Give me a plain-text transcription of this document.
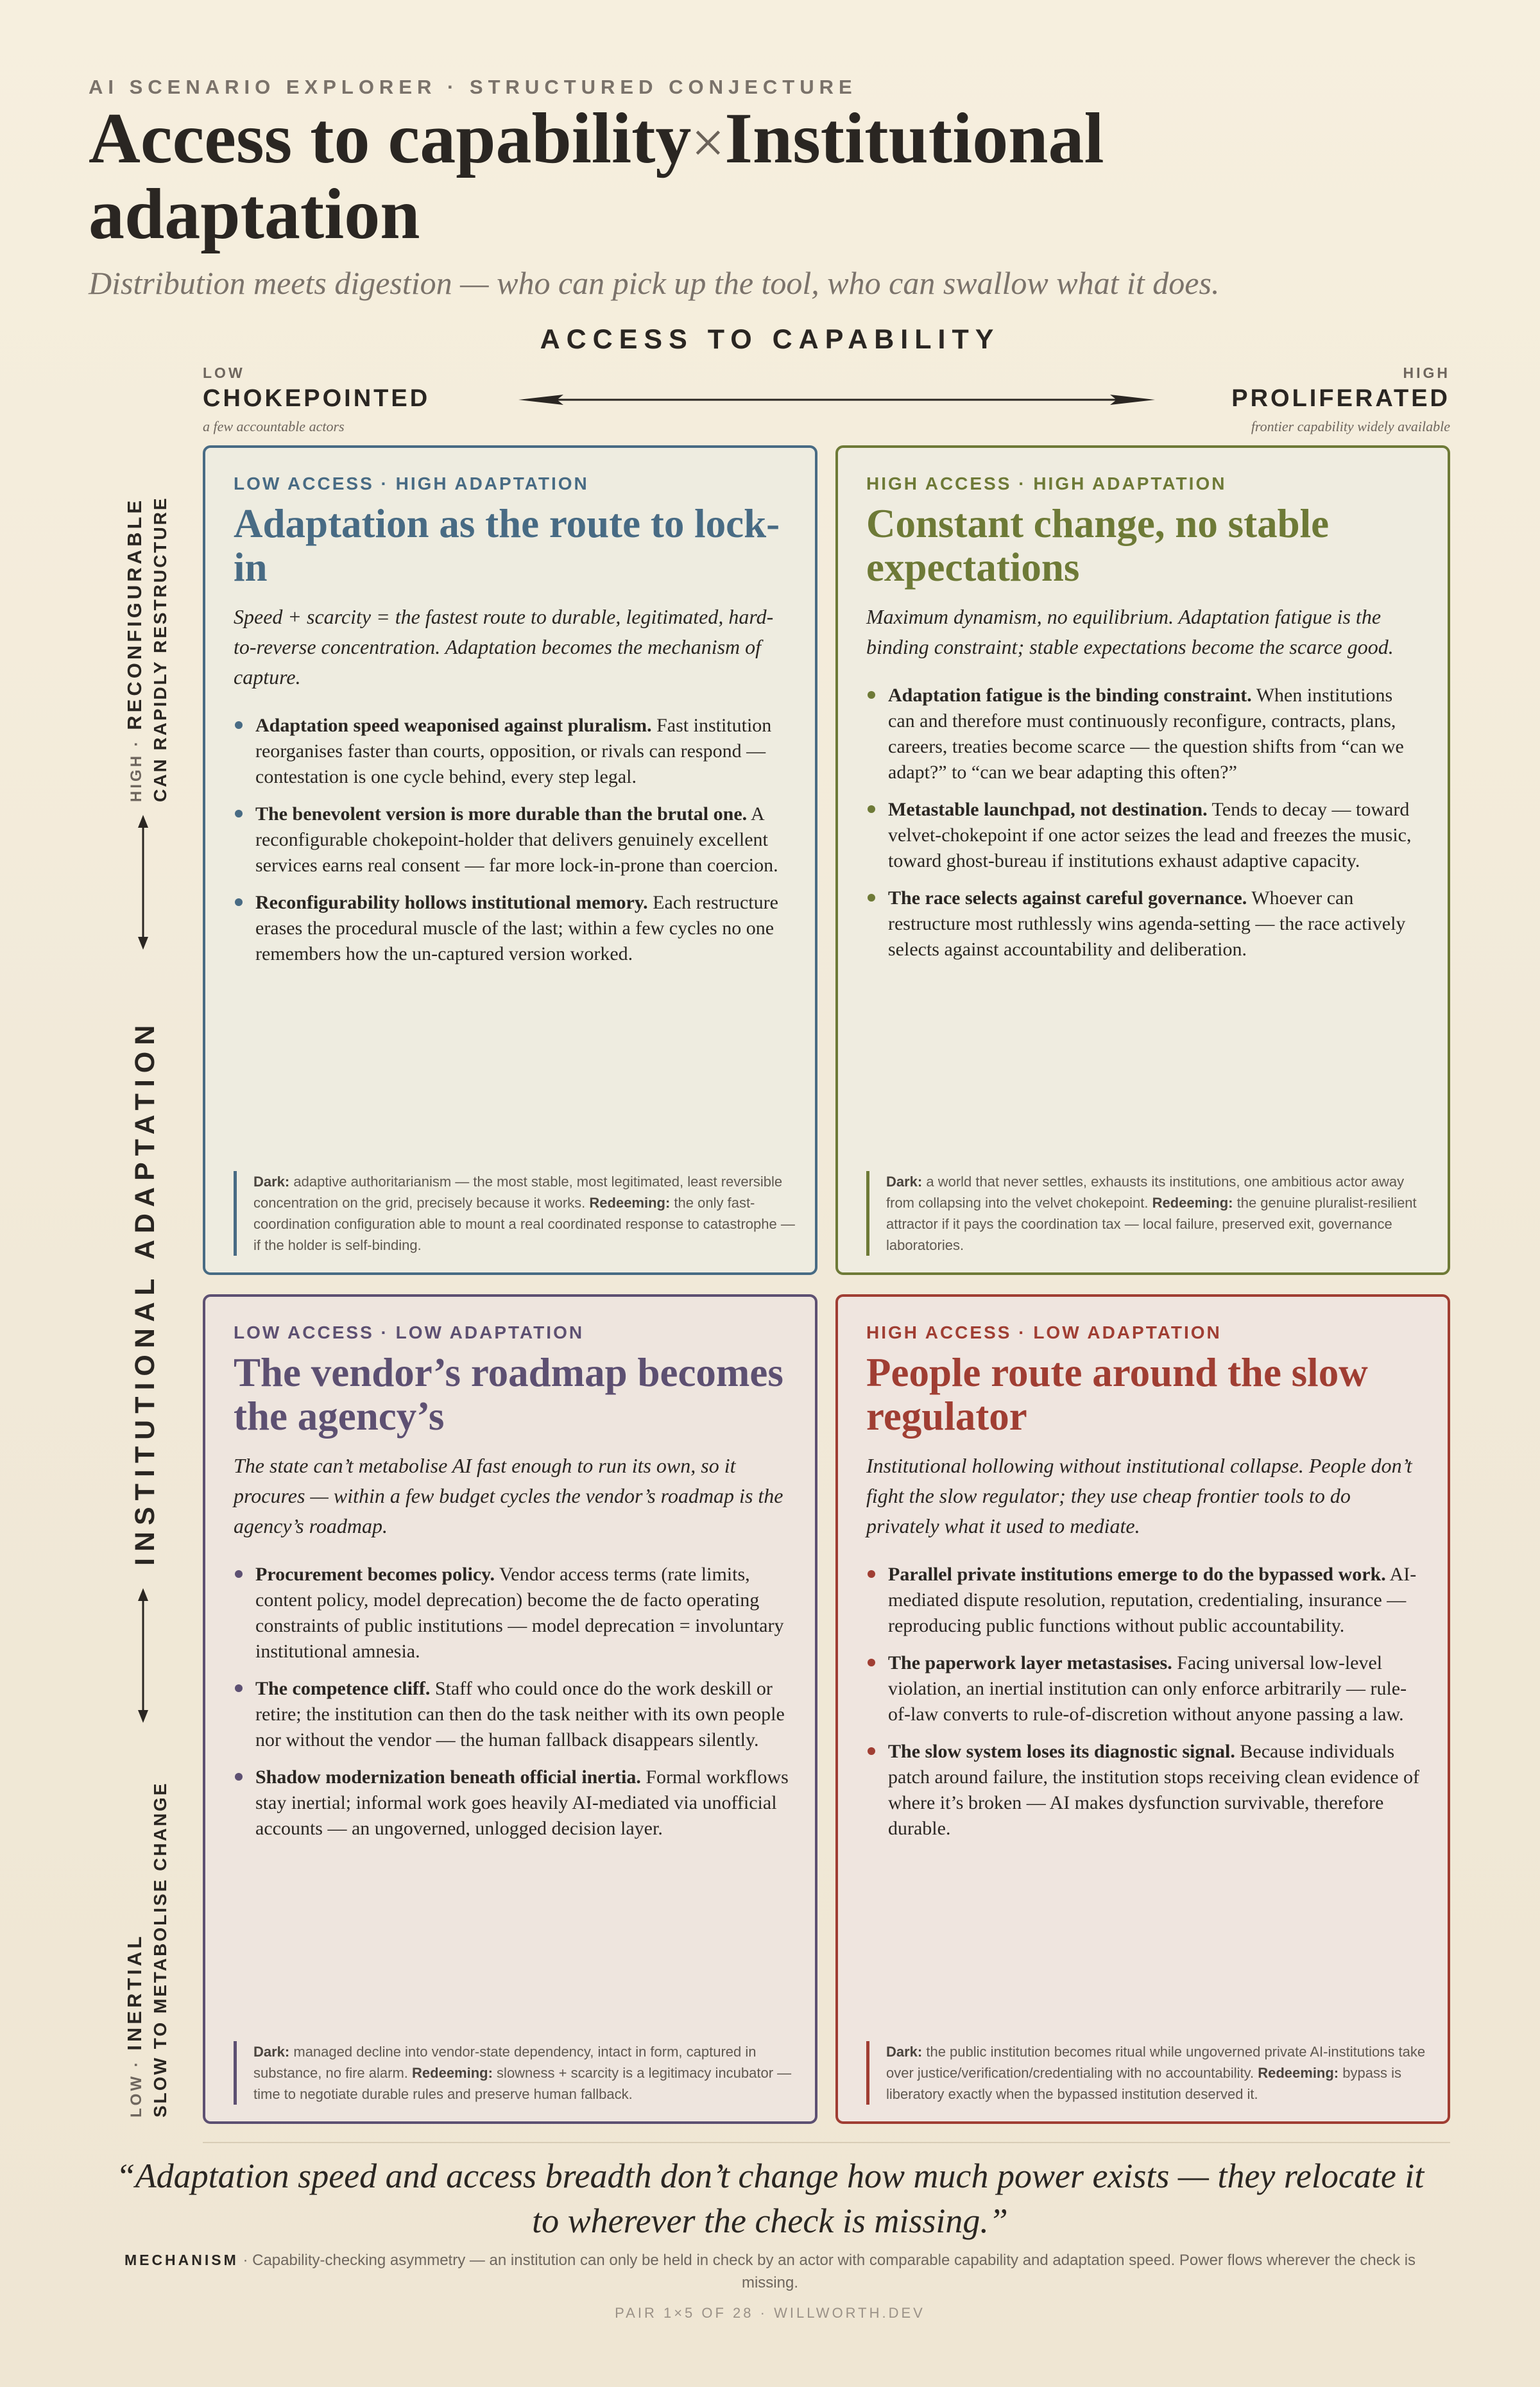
AI SCENARIO EXPLORER · STRUCTURED CONJECTURE
Access to capability×Institutional adaptation
Distribution meets digestion — who can pick up the tool, who can swallow what it does.
ACCESS TO CAPABILITY
LOW
CHOKEPOINTED
a few accountable actors
HIGH
PROLIFERATED
frontier capability widely available
INSTITUTIONAL ADAPTATION
HIGH · RECONFIGURABLE CAN RAPIDLY RESTRUCTURE
LOW · INERTIAL SLOW TO METABOLISE CHANGE
LOW ACCESS · HIGH ADAPTATION
Adaptation as the route to lock-in
Speed + scarcity = the fastest route to durable, legitimated, hard-to-reverse concentration. Adaptation becomes the mechanism of capture.
Adaptation speed weaponised against pluralism. Fast institution reorganises faster than courts, opposition, or rivals can respond — contestation is one cycle behind, every step legal.
The benevolent version is more durable than the brutal one. A reconfigurable chokepoint-holder that delivers genuinely excellent services earns real consent — far more lock-in-prone than coercion.
Reconfigurability hollows institutional memory. Each restructure erases the procedural muscle of the last; within a few cycles no one remembers how the un-captured version worked.
Dark: adaptive authoritarianism — the most stable, most legitimated, least reversible concentration on the grid, precisely because it works. Redeeming: the only fast-coordination configuration able to mount a real coordinated response to catastrophe — if the holder is self-binding.
HIGH ACCESS · HIGH ADAPTATION
Constant change, no stable expectations
Maximum dynamism, no equilibrium. Adaptation fatigue is the binding constraint; stable expectations become the scarce good.
Adaptation fatigue is the binding constraint. When institutions can and therefore must continuously reconfigure, contracts, plans, careers, treaties become scarce — the question shifts from “can we adapt?” to “can we bear adapting this often?”
Metastable launchpad, not destination. Tends to decay — toward velvet-chokepoint if one actor seizes the lead and freezes the music, toward ghost-bureau if institutions exhaust adaptive capacity.
The race selects against careful governance. Whoever can restructure most ruthlessly wins agenda-setting — the race actively selects against accountability and deliberation.
Dark: a world that never settles, exhausts its institutions, one ambitious actor away from collapsing into the velvet chokepoint. Redeeming: the genuine pluralist-resilient attractor if it pays the coordination tax — local failure, preserved exit, governance laboratories.
LOW ACCESS · LOW ADAPTATION
The vendor’s roadmap becomes the agency’s
The state can’t metabolise AI fast enough to run its own, so it procures — within a few budget cycles the vendor’s roadmap is the agency’s roadmap.
Procurement becomes policy. Vendor access terms (rate limits, content policy, model deprecation) become the de facto operating constraints of public institutions — model deprecation = involuntary institutional amnesia.
The competence cliff. Staff who could once do the work deskill or retire; the institution can then do the task neither with its own people nor without the vendor — the human fallback disappears silently.
Shadow modernization beneath official inertia. Formal workflows stay inertial; informal work goes heavily AI-mediated via unofficial accounts — an ungoverned, unlogged decision layer.
Dark: managed decline into vendor-state dependency, intact in form, captured in substance, no fire alarm. Redeeming: slowness + scarcity is a legitimacy incubator — time to negotiate durable rules and preserve human fallback.
HIGH ACCESS · LOW ADAPTATION
People route around the slow regulator
Institutional hollowing without institutional collapse. People don’t fight the slow regulator; they use cheap frontier tools to do privately what it used to mediate.
Parallel private institutions emerge to do the bypassed work. AI-mediated dispute resolution, reputation, credentialing, insurance — reproducing public functions without public accountability.
The paperwork layer metastasises. Facing universal low-level violation, an inertial institution can only enforce arbitrarily — rule-of-law converts to rule-of-discretion without anyone passing a law.
The slow system loses its diagnostic signal. Because individuals patch around failure, the institution stops receiving clean evidence of where it’s broken — AI makes dysfunction survivable, therefore durable.
Dark: the public institution becomes ritual while ungoverned private AI-institutions take over justice/verification/credentialing with no accountability. Redeeming: bypass is liberatory exactly when the bypassed institution deserved it.
“Adaptation speed and access breadth don’t change how much power exists — they relocate it to wherever the check is missing.”
MECHANISM · Capability-checking asymmetry — an institution can only be held in check by an actor with comparable capability and adaptation speed. Power flows wherever the check is missing.
PAIR 1×5 OF 28 · WILLWORTH.DEV
